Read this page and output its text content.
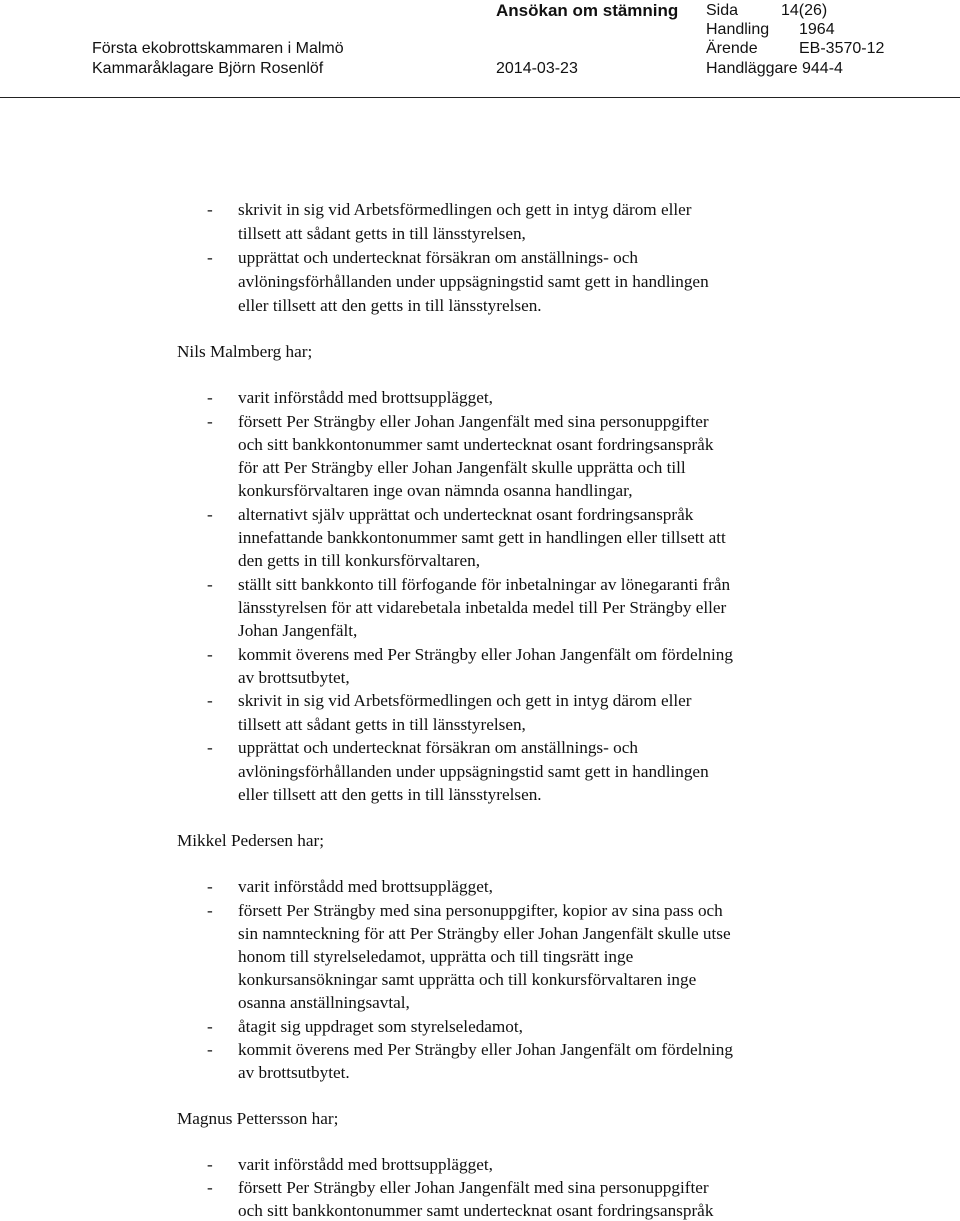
Ansökan om stämning Sida	14(26)
Handling 1964
Första ekobrottskammaren i Malmö	Ärende	EB-3570-12
Kammaråklagare Björn Rosenlöf	2014-03-23	Handläggare 944-4
- skrivit in sig vid Arbetsförmedlingen och gett in intyg därom eller
tillsett att sådant getts in till länsstyrelsen,
- upprättat och undertecknat försäkran om anställnings- och
avlöningsförhållanden under uppsägningstid samt gett in handlingen
eller tillsett att den getts in till länsstyrelsen.
Nils Malmberg har;
- varit införstådd med brottsupplägget,
- försett Per Strängby eller Johan Jangenfält med sina personuppgifter
och sitt bankkontonummer samt undertecknat osant fordringsanspråk
för att Per Strängby eller Johan Jangenfält skulle upprätta och till
konkursförvaltaren inge ovan nämnda osanna handlingar,
- alternativt själv upprättat och undertecknat osant fordringsanspråk
innefattande bankkontonummer samt gett in handlingen eller tillsett att
den getts in till konkursförvaltaren,
- ställt sitt bankkonto till förfogande för inbetalningar av lönegaranti från
länsstyrelsen för att vidarebetala inbetalda medel till Per Strängby eller
Johan Jangenfält,
- kommit överens med Per Strängby eller Johan Jangenfält om fördelning
av brottsutbytet,
- skrivit in sig vid Arbetsförmedlingen och gett in intyg därom eller
tillsett att sådant getts in till länsstyrelsen,
- upprättat och undertecknat försäkran om anställnings- och
avlöningsförhållanden under uppsägningstid samt gett in handlingen
eller tillsett att den getts in till länsstyrelsen.
Mikkel Pedersen har;
- varit införstådd med brottsupplägget,
- försett Per Strängby med sina personuppgifter, kopior av sina pass och
sin namnteckning för att Per Strängby eller Johan Jangenfält skulle utse
honom till styrelseledamot, upprätta och till tingsrätt inge
konkursansökningar samt upprätta och till konkursförvaltaren inge
osanna anställningsavtal,
- åtagit sig uppdraget som styrelseledamot,
- kommit överens med Per Strängby eller Johan Jangenfält om fördelning
av brottsutbytet.
Magnus Pettersson har;
- varit införstådd med brottsupplägget,
- försett Per Strängby eller Johan Jangenfält med sina personuppgifter
och sitt bankkontonummer samt undertecknat osant fordringsanspråk
